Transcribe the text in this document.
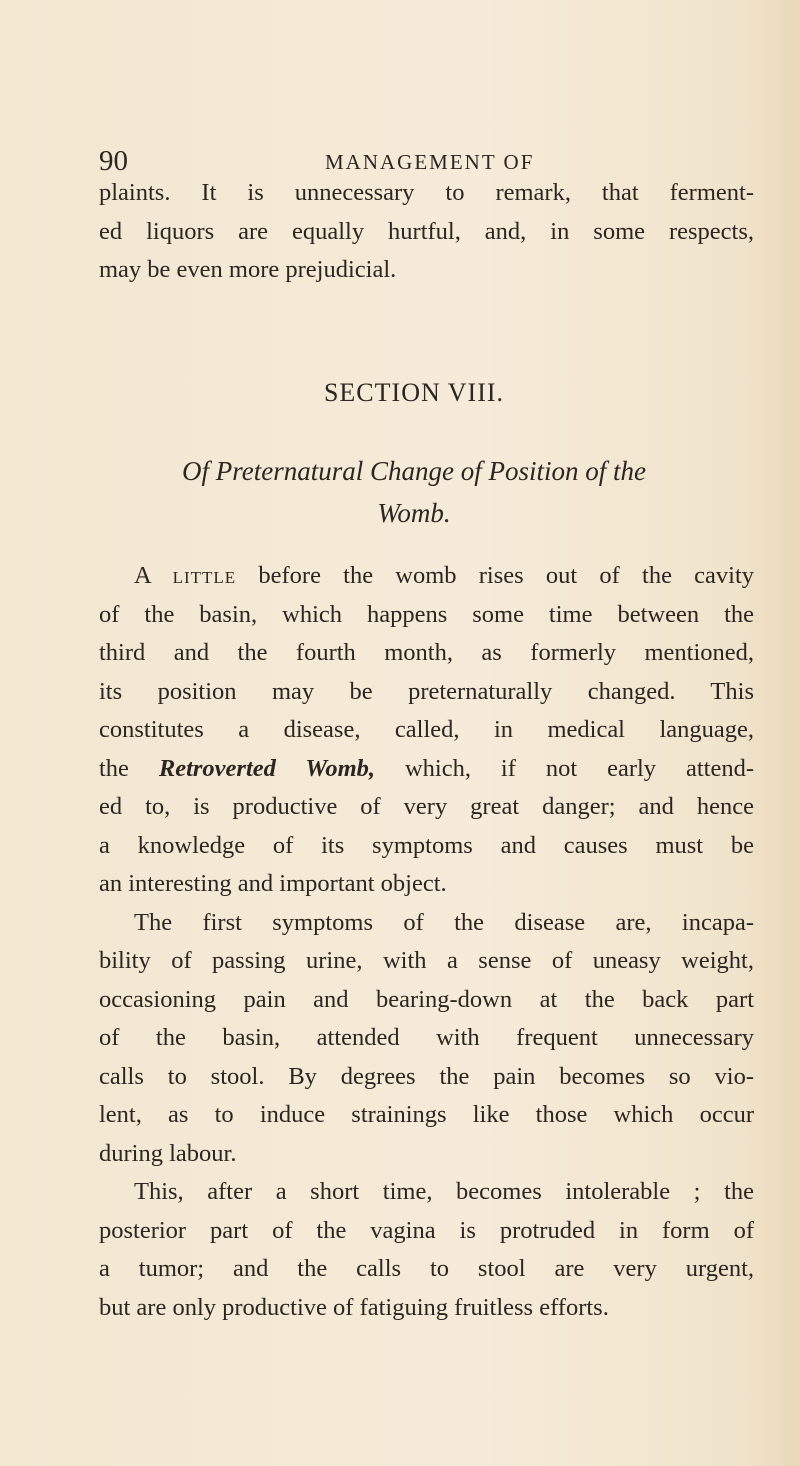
90	MANAGEMENT OF
plaints. It is unnecessary to remark, that ferment-
ed liquors are equally hurtful, and, in some respects,
may be even more prejudicial.
SECTION VIII.
Of Preternatural Change of Position of the
Womb.
A little before the womb rises out of the cavity
of the basin, which happens some time between the
third and the fourth month, as formerly mentioned,
its position may be preternaturally changed. This
constitutes a disease, called, in medical language,
the Retroverted Womb, which, if not early attend-
ed to, is productive of very great danger; and hence
a knowledge of its symptoms and causes must be
an interesting and important object.
The first symptoms of the disease are, incapa-
bility of passing urine, with a sense of uneasy weight,
occasioning pain and bearing-down at the back part
of the basin, attended with frequent unnecessary
calls to stool. By degrees the pain becomes so vio-
lent, as to induce strainings like those which occur
during labour.
This, after a short time, becomes intolerable ; the
posterior part of the vagina is protruded in form of
a tumor; and the calls to stool are very urgent,
but are only productive of fatiguing fruitless efforts.
